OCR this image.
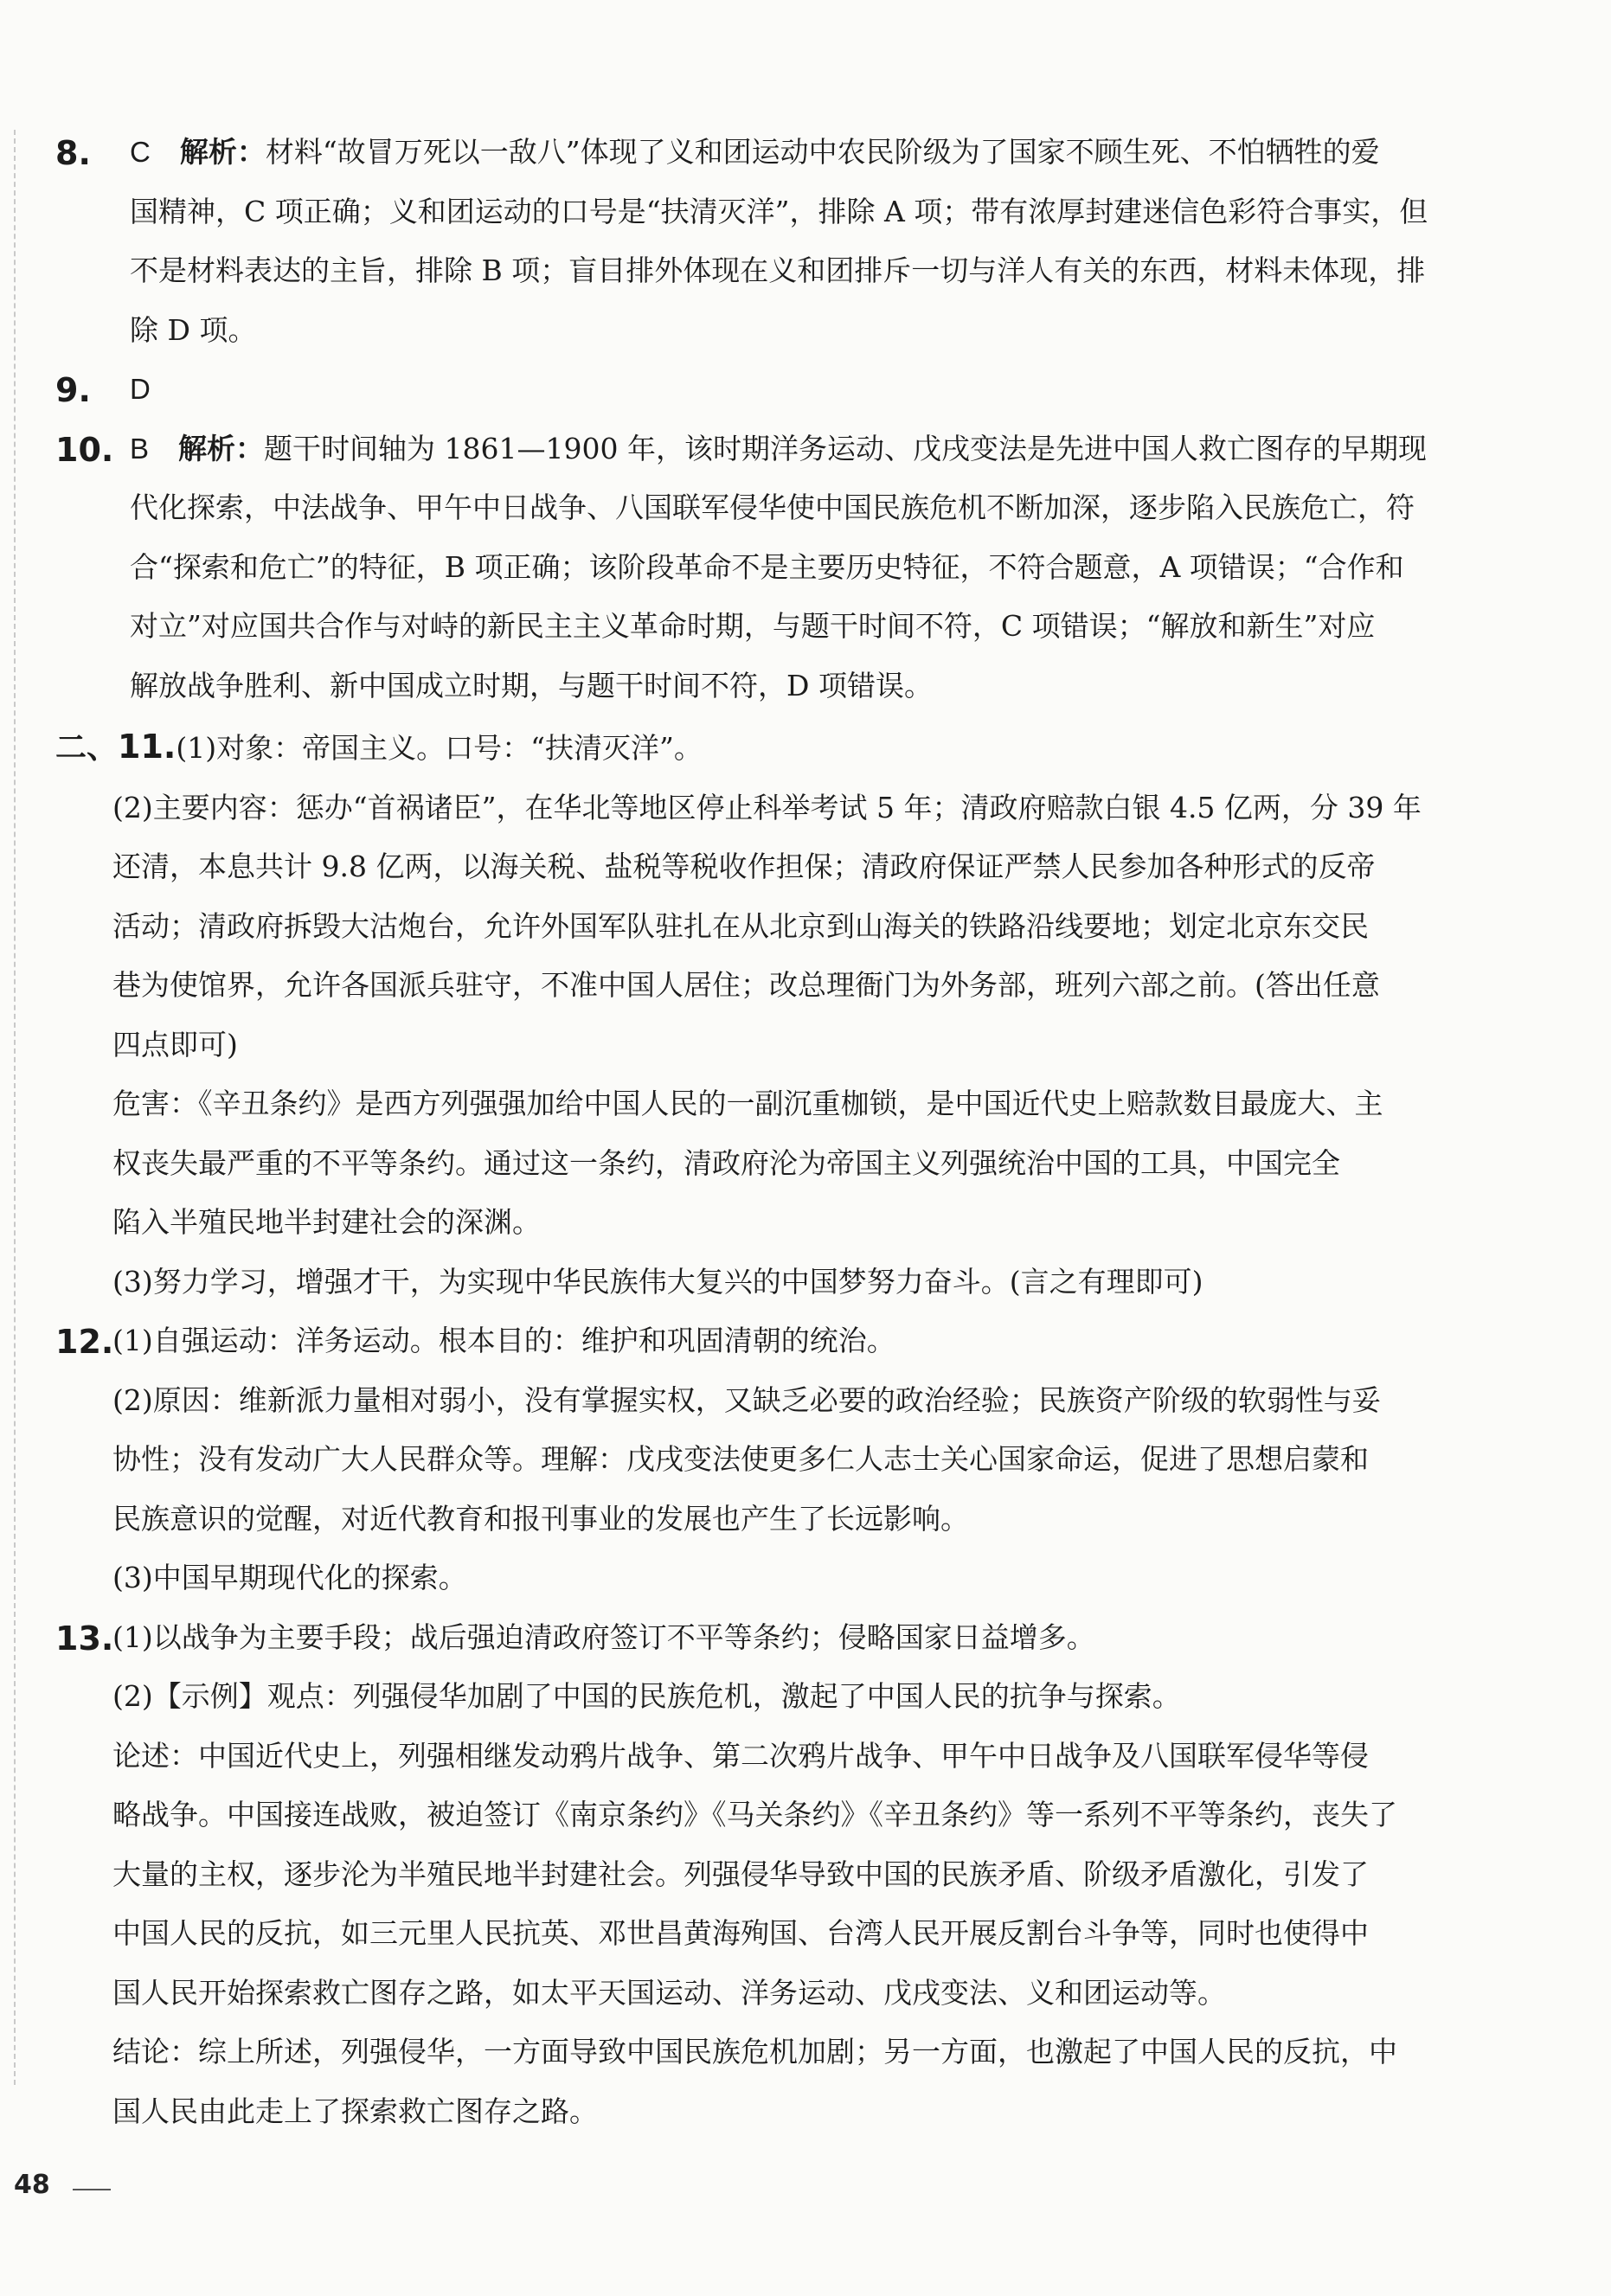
8. C 解析：材料“故冒万死以一敌八”体现了义和团运动中农民阶级为了国家不顾生死、不怕牺牲的爱
国精神，C 项正确；义和团运动的口号是“扶清灭洋”，排除 A 项；带有浓厚封建迷信色彩符合事实，但
不是材料表达的主旨，排除 B 项；盲目排外体现在义和团排斥一切与洋人有关的东西，材料未体现，排
除 D 项。
9. D
10. B 解析：题干时间轴为 1861—1900 年，该时期洋务运动、戊戌变法是先进中国人救亡图存的早期现
代化探索，中法战争、甲午中日战争、八国联军侵华使中国民族危机不断加深，逐步陷入民族危亡，符
合“探索和危亡”的特征，B 项正确；该阶段革命不是主要历史特征，不符合题意，A 项错误；“合作和
对立”对应国共合作与对峙的新民主主义革命时期，与题干时间不符，C 项错误；“解放和新生”对应
解放战争胜利、新中国成立时期，与题干时间不符，D 项错误。
二、11.(1)对象：帝国主义。口号：“扶清灭洋”。
(2)主要内容：惩办“首祸诸臣”，在华北等地区停止科举考试 5 年；清政府赔款白银 4.5 亿两，分 39 年
还清，本息共计 9.8 亿两，以海关税、盐税等税收作担保；清政府保证严禁人民参加各种形式的反帝
活动；清政府拆毁大沽炮台，允许外国军队驻扎在从北京到山海关的铁路沿线要地；划定北京东交民
巷为使馆界，允许各国派兵驻守，不准中国人居住；改总理衙门为外务部，班列六部之前。(答出任意
四点即可)
危害：《辛丑条约》是西方列强强加给中国人民的一副沉重枷锁，是中国近代史上赔款数目最庞大、主
权丧失最严重的不平等条约。通过这一条约，清政府沦为帝国主义列强统治中国的工具，中国完全
陷入半殖民地半封建社会的深渊。
(3)努力学习，增强才干，为实现中华民族伟大复兴的中国梦努力奋斗。(言之有理即可)
12.
(1)自强运动：洋务运动。根本目的：维护和巩固清朝的统治。
(2)原因：维新派力量相对弱小，没有掌握实权，又缺乏必要的政治经验；民族资产阶级的软弱性与妥
协性；没有发动广大人民群众等。理解：戊戌变法使更多仁人志士关心国家命运，促进了思想启蒙和
民族意识的觉醒，对近代教育和报刊事业的发展也产生了长远影响。
(3)中国早期现代化的探索。
13.
(1)以战争为主要手段；战后强迫清政府签订不平等条约；侵略国家日益增多。
(2)【示例】观点：列强侵华加剧了中国的民族危机，激起了中国人民的抗争与探索。
论述：中国近代史上，列强相继发动鸦片战争、第二次鸦片战争、甲午中日战争及八国联军侵华等侵
略战争。中国接连战败，被迫签订《南京条约》《马关条约》《辛丑条约》等一系列不平等条约，丧失了
大量的主权，逐步沦为半殖民地半封建社会。列强侵华导致中国的民族矛盾、阶级矛盾激化，引发了
中国人民的反抗，如三元里人民抗英、邓世昌黄海殉国、台湾人民开展反割台斗争等，同时也使得中
国人民开始探索救亡图存之路，如太平天国运动、洋务运动、戊戌变法、义和团运动等。
结论：综上所述，列强侵华，一方面导致中国民族危机加剧；另一方面，也激起了中国人民的反抗，中
国人民由此走上了探索救亡图存之路。
48
